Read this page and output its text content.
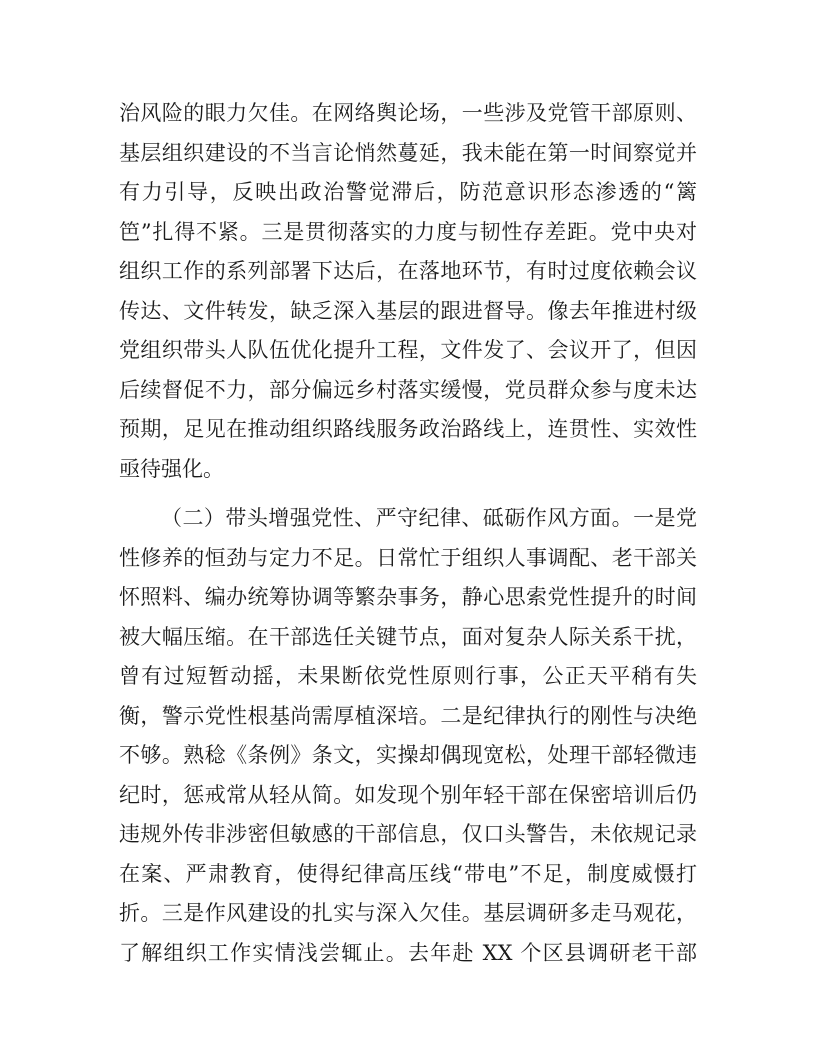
治风险的眼力欠佳。在网络舆论场，一些涉及党管干部原则、
基层组织建设的不当言论悄然蔓延，我未能在第一时间察觉并
有力引导，反映出政治警觉滞后，防范意识形态渗透的“篱
笆”扎得不紧。三是贯彻落实的力度与韧性存差距。党中央对
组织工作的系列部署下达后，在落地环节，有时过度依赖会议
传达、文件转发，缺乏深入基层的跟进督导。像去年推进村级
党组织带头人队伍优化提升工程，文件发了、会议开了，但因
后续督促不力，部分偏远乡村落实缓慢，党员群众参与度未达
预期，足见在推动组织路线服务政治路线上，连贯性、实效性
亟待强化。
（二）带头增强党性、严守纪律、砥砺作风方面。一是党
性修养的恒劲与定力不足。日常忙于组织人事调配、老干部关
怀照料、编办统筹协调等繁杂事务，静心思索党性提升的时间
被大幅压缩。在干部选任关键节点，面对复杂人际关系干扰，
曾有过短暂动摇，未果断依党性原则行事，公正天平稍有失
衡，警示党性根基尚需厚植深培。二是纪律执行的刚性与决绝
不够。熟稔《条例》条文，实操却偶现宽松，处理干部轻微违
纪时，惩戒常从轻从简。如发现个别年轻干部在保密培训后仍
违规外传非涉密但敏感的干部信息，仅口头警告，未依规记录
在案、严肃教育，使得纪律高压线“带电”不足，制度威慑打
折。三是作风建设的扎实与深入欠佳。基层调研多走马观花，
了解组织工作实情浅尝辄止。去年赴 XX 个区县调研老干部
